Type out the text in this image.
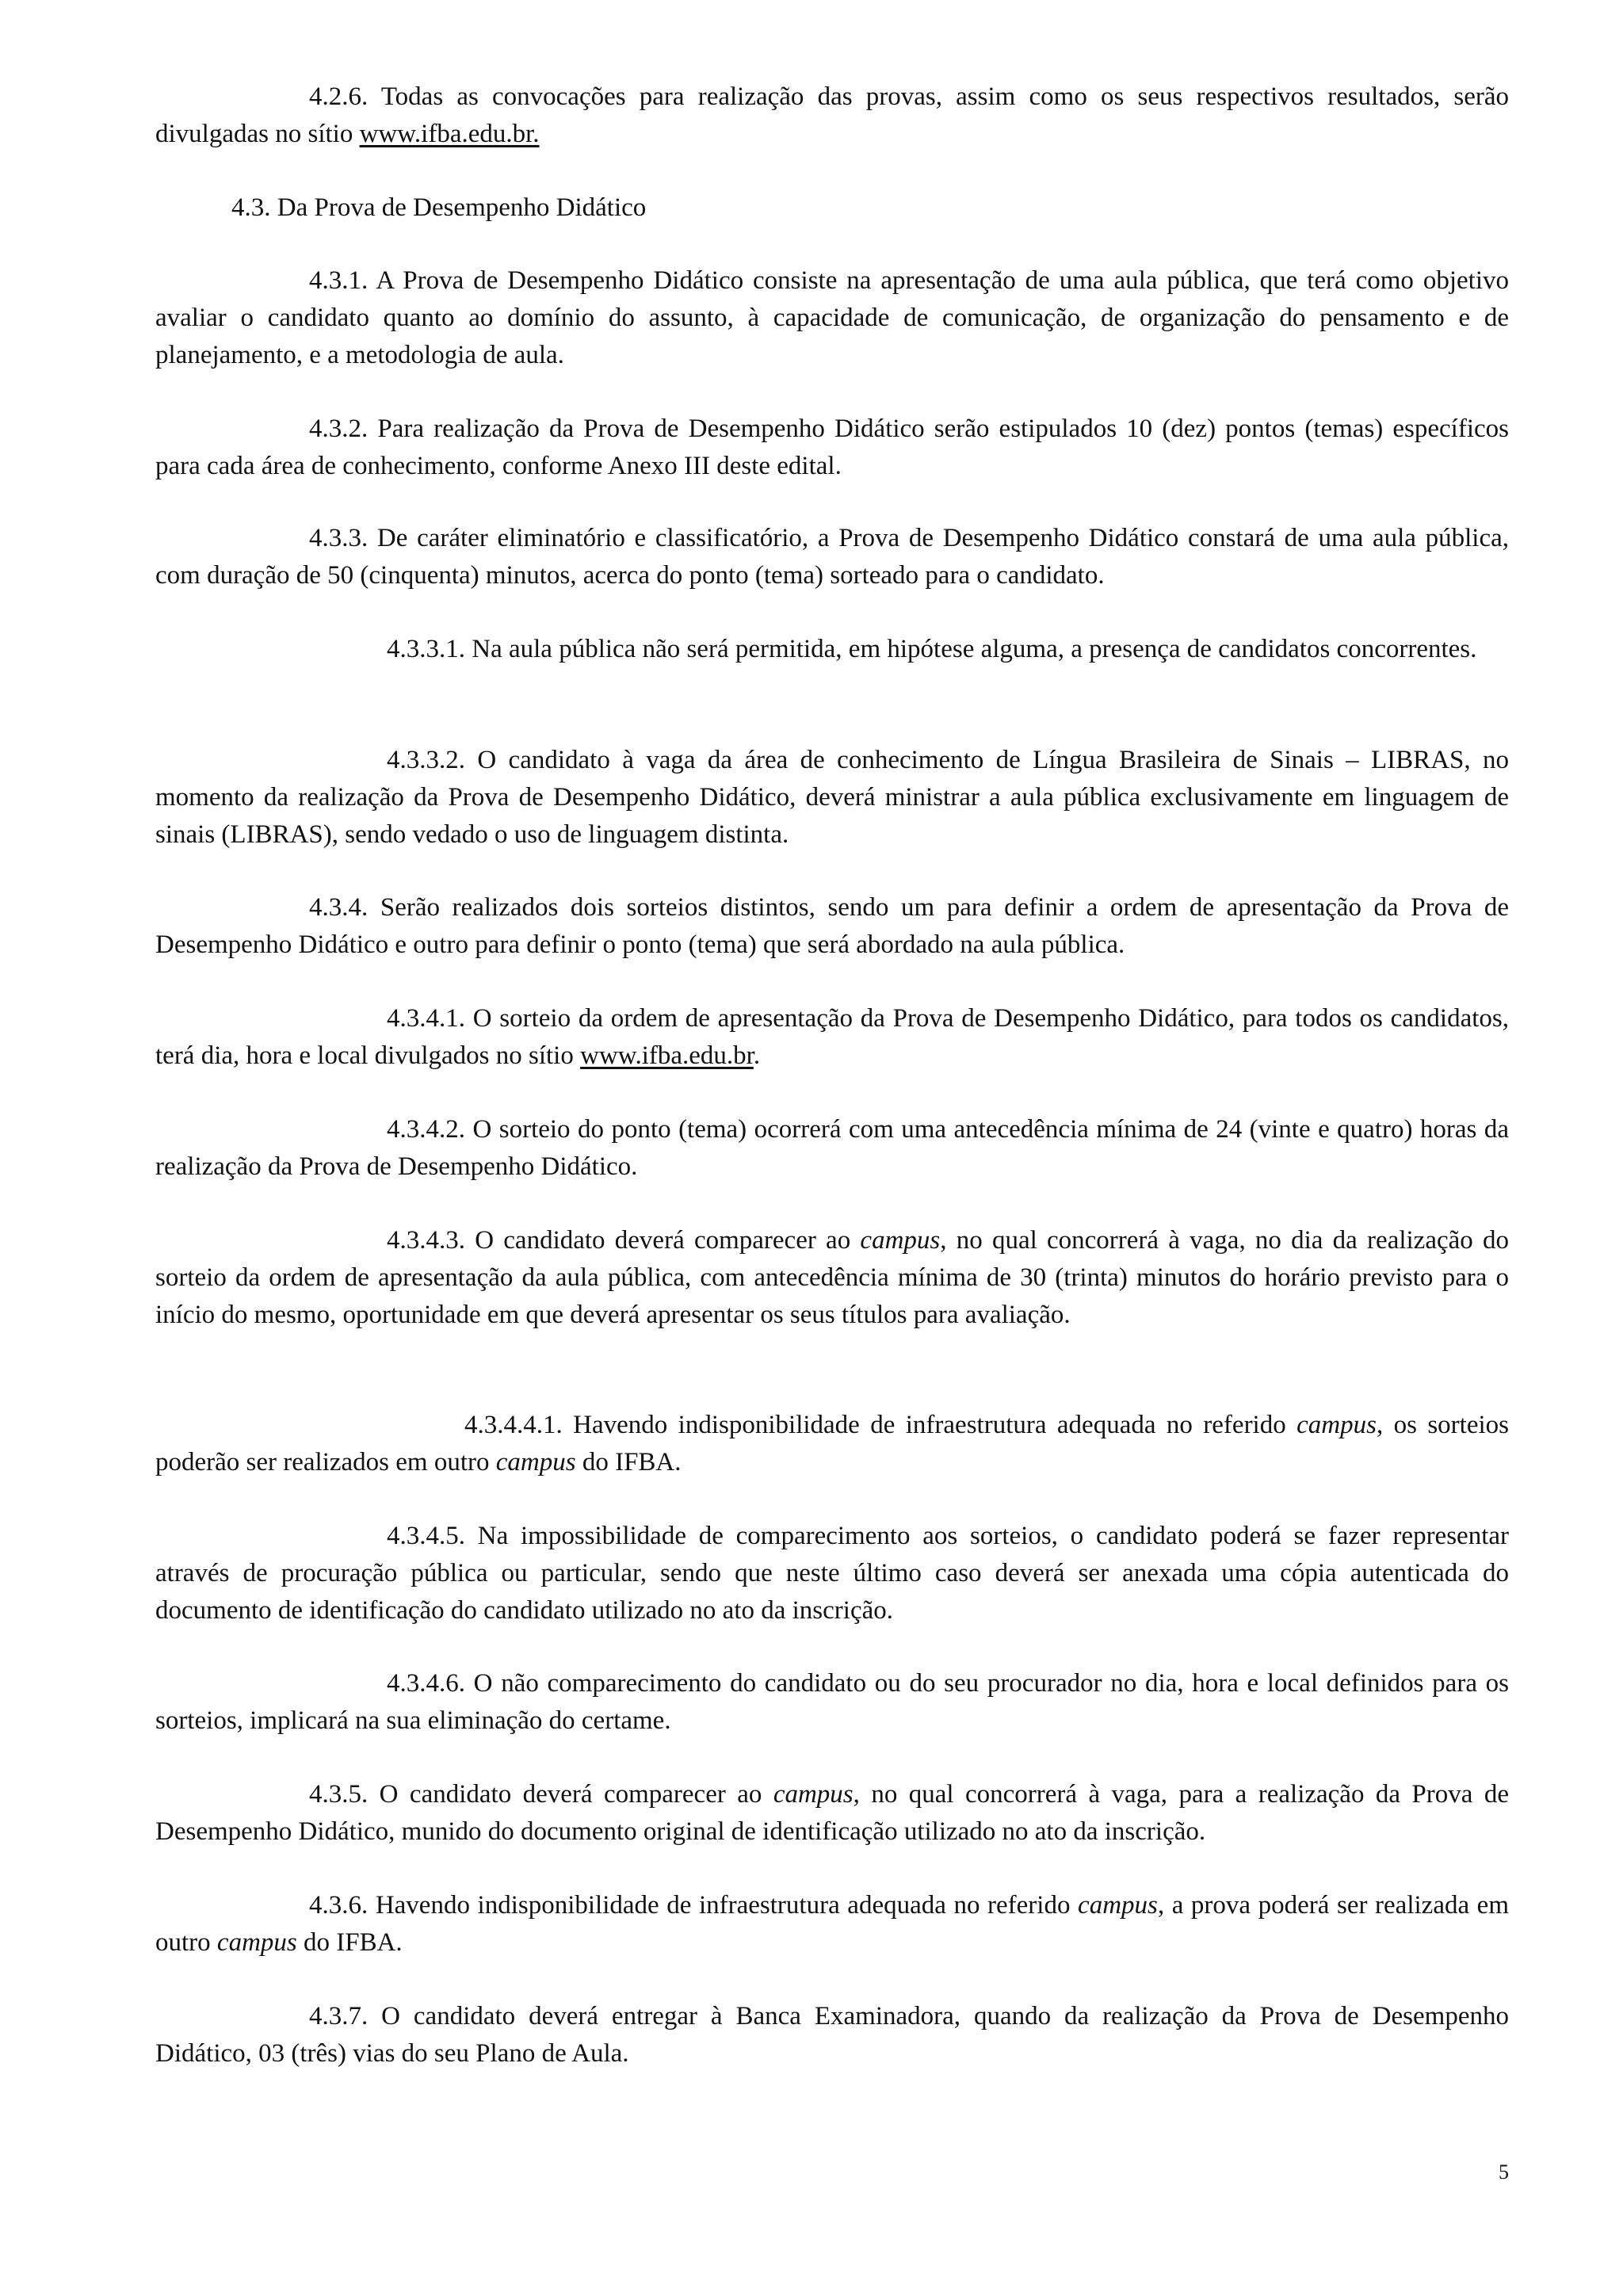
4.2.6. Todas as convocações para realização das provas, assim como os seus respectivos resultados, serão divulgadas no sítio www.ifba.edu.br.

4.3. Da Prova de Desempenho Didático

4.3.1. A Prova de Desempenho Didático consiste na apresentação de uma aula pública, que terá como objetivo avaliar o candidato quanto ao domínio do assunto, à capacidade de comunicação, de organização do pensamento e de planejamento, e a metodologia de aula.

4.3.2. Para realização da Prova de Desempenho Didático serão estipulados 10 (dez) pontos (temas) específicos para cada área de conhecimento, conforme Anexo III deste edital.

4.3.3. De caráter eliminatório e classificatório, a Prova de Desempenho Didático constará de uma aula pública, com duração de 50 (cinquenta) minutos, acerca do ponto (tema) sorteado para o candidato.

4.3.3.1. Na aula pública não será permitida, em hipótese alguma, a presença de candidatos concorrentes.

4.3.3.2. O candidato à vaga da área de conhecimento de Língua Brasileira de Sinais – LIBRAS, no momento da realização da Prova de Desempenho Didático, deverá ministrar a aula pública exclusivamente em linguagem de sinais (LIBRAS), sendo vedado o uso de linguagem distinta.

4.3.4. Serão realizados dois sorteios distintos, sendo um para definir a ordem de apresentação da Prova de Desempenho Didático e outro para definir o ponto (tema) que será abordado na aula pública.

4.3.4.1. O sorteio da ordem de apresentação da Prova de Desempenho Didático, para todos os candidatos, terá dia, hora e local divulgados no sítio www.ifba.edu.br.

4.3.4.2. O sorteio do ponto (tema) ocorrerá com uma antecedência mínima de 24 (vinte e quatro) horas da realização da Prova de Desempenho Didático.

4.3.4.3. O candidato deverá comparecer ao campus, no qual concorrerá à vaga, no dia da realização do sorteio da ordem de apresentação da aula pública, com antecedência mínima de 30 (trinta) minutos do horário previsto para o início do mesmo, oportunidade em que deverá apresentar os seus títulos para avaliação.

4.3.4.4.1. Havendo indisponibilidade de infraestrutura adequada no referido campus, os sorteios poderão ser realizados em outro campus do IFBA.

4.3.4.5. Na impossibilidade de comparecimento aos sorteios, o candidato poderá se fazer representar através de procuração pública ou particular, sendo que neste último caso deverá ser anexada uma cópia autenticada do documento de identificação do candidato utilizado no ato da inscrição.

4.3.4.6. O não comparecimento do candidato ou do seu procurador no dia, hora e local definidos para os sorteios, implicará na sua eliminação do certame.

4.3.5. O candidato deverá comparecer ao campus, no qual concorrerá à vaga, para a realização da Prova de Desempenho Didático, munido do documento original de identificação utilizado no ato da inscrição.

4.3.6. Havendo indisponibilidade de infraestrutura adequada no referido campus, a prova poderá ser realizada em outro campus do IFBA.

4.3.7. O candidato deverá entregar à Banca Examinadora, quando da realização da Prova de Desempenho Didático, 03 (três) vias do seu Plano de Aula.

5
